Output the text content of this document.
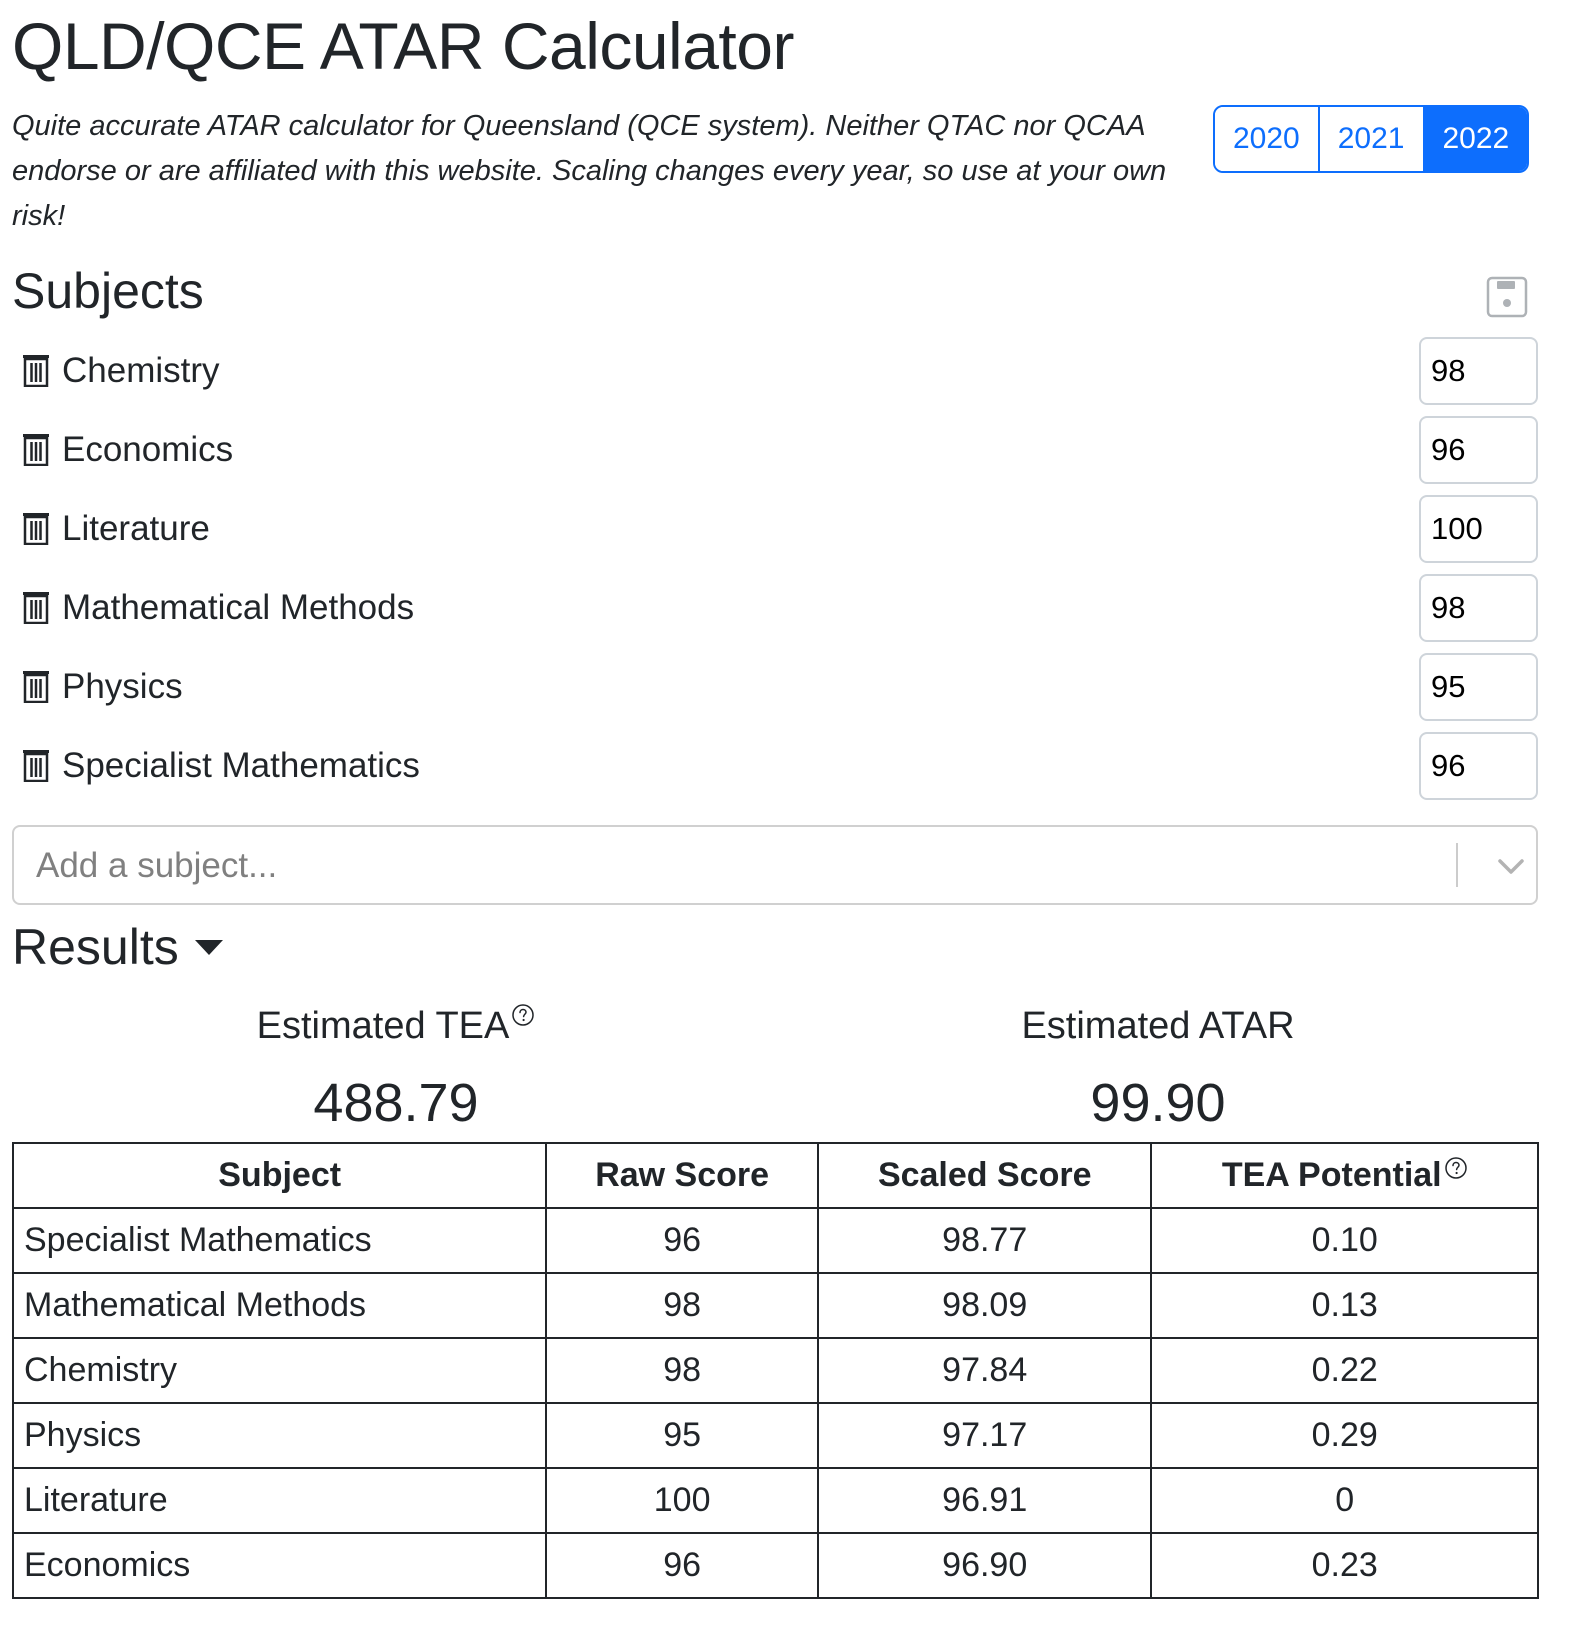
QLD/QCE ATAR Calculator

Quite accurate ATAR calculator for Queensland (QCE system). Neither QTAC nor QCAA endorse or are affiliated with this website. Scaling changes every year, so use at your own risk!

2020	2021	2022
Subjects
Chemistry
98
Economics
96
Literature
100
Mathematical Methods
98
Physics
95
Specialist Mathematics
96
Add a subject...
Results
Estimated TEA
488.79
Estimated ATAR
99.90
Subject	Raw Score	Scaled Score	TEA Potential
Specialist Mathematics	96	98.77	0.10
Mathematical Methods	98	98.09	0.13
Chemistry	98	97.84	0.22
Physics	95	97.17	0.29
Literature	100	96.91	0
Economics	96	96.90	0.23
